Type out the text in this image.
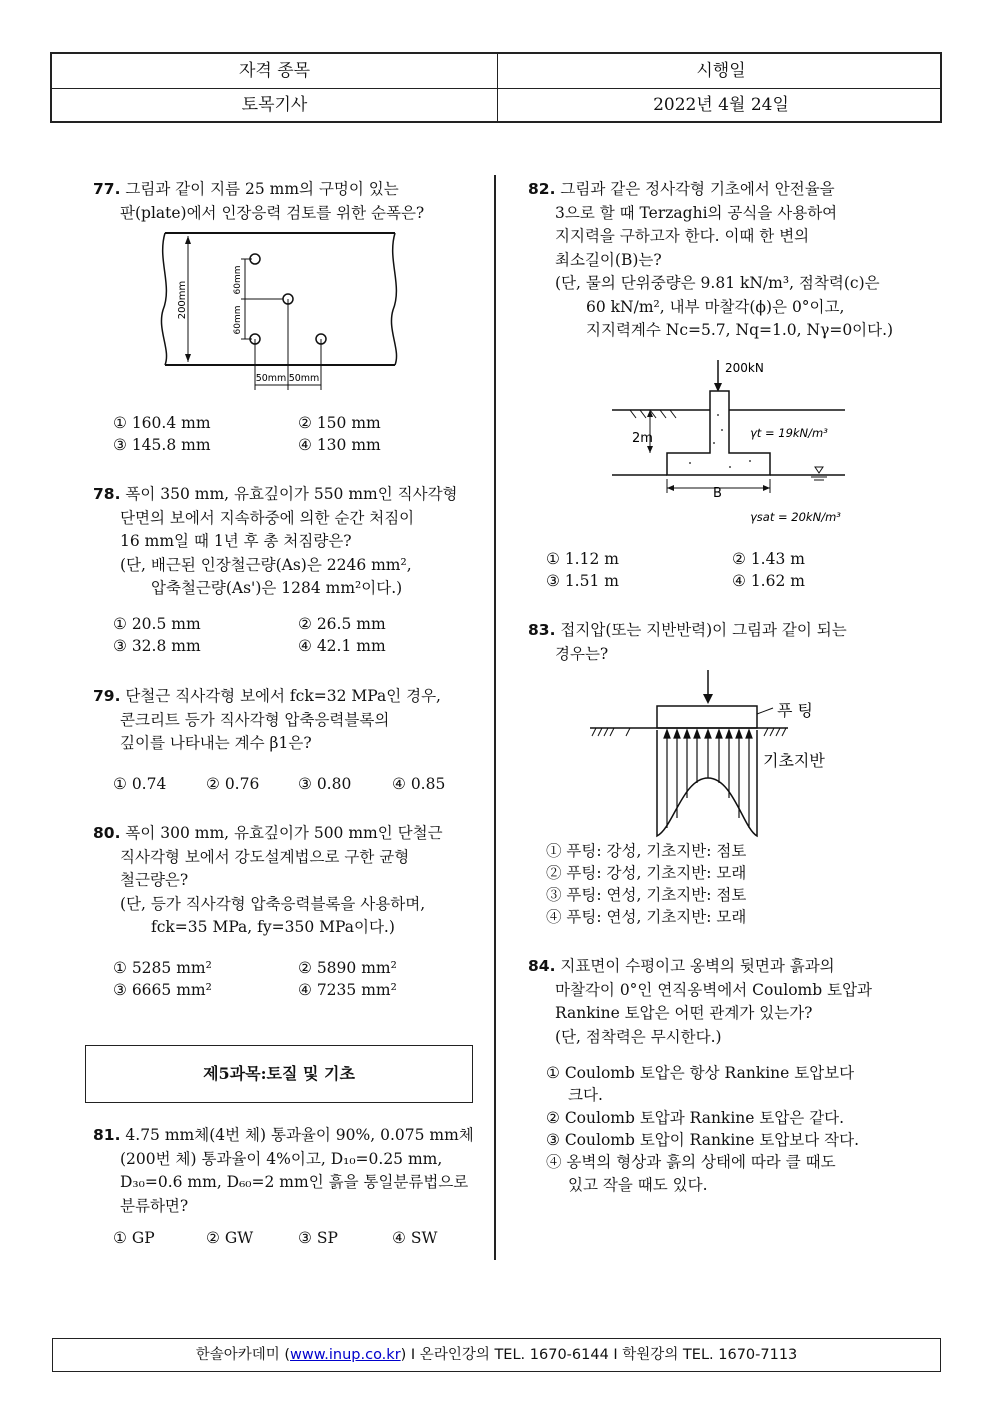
자격 종목	시행일
토목기사	2022년 4월 24일
77. 그림과 같이 지름 25 mm의 구멍이 있는
판(plate)에서 인장응력 검토를 위한 순폭은?
200mm
60mm
60mm
50mm 50mm
① 160.4 mm	② 150 mm
③ 145.8 mm	④ 130 mm
78. 폭이 350 mm, 유효깊이가 550 mm인 직사각형
단면의 보에서 지속하중에 의한 순간 처짐이
16 mm일 때 1년 후 총 처짐량은?
(단, 배근된 인장철근량(As)은 2246 mm²,
압축철근량(As')은 1284 mm²이다.)
① 20.5 mm	② 26.5 mm
③ 32.8 mm	④ 42.1 mm
79. 단철근 직사각형 보에서 fck=32 MPa인 경우,
콘크리트 등가 직사각형 압축응력블록의
깊이를 나타내는 계수 β1은?
① 0.74	② 0.76 ③ 0.80	④ 0.85
80. 폭이 300 mm, 유효깊이가 500 mm인 단철근
직사각형 보에서 강도설계법으로 구한 균형
철근량은?
(단, 등가 직사각형 압축응력블록을 사용하며,
fck=35 MPa, fy=350 MPa이다.)
① 5285 mm²	② 5890 mm²
③ 6665 mm²	④ 7235 mm²
제5과목:토질 및 기초
81. 4.75 mm체(4번 체) 통과율이 90%, 0.075 mm체
(200번 체) 통과율이 4%이고, D₁₀=0.25 mm,
D₃₀=0.6 mm, D₆₀=2 mm인 흙을 통일분류법으로
분류하면?
① GP	② GW	③ SP	④ SW
82. 그림과 같은 정사각형 기초에서 안전율을
3으로 할 때 Terzaghi의 공식을 사용하여
지지력을 구하고자 한다. 이때 한 변의
최소길이(B)는?
(단, 물의 단위중량은 9.81 kN/m³, 점착력(c)은
60 kN/m², 내부 마찰각(ϕ)은 0°이고,
지지력계수 Nc=5.7, Nq=1.0, Nγ=0이다.)
200kN
2m	γt = 19kN/m³
B
γsat = 20kN/m³
① 1.12 m	② 1.43 m
③ 1.51 m	④ 1.62 m
83. 접지압(또는 지반반력)이 그림과 같이 되는
경우는?
푸 팅
기초지반
① 푸팅: 강성, 기초지반: 점토
② 푸팅: 강성, 기초지반: 모래
③ 푸팅: 연성, 기초지반: 점토
④ 푸팅: 연성, 기초지반: 모래
84. 지표면이 수평이고 옹벽의 뒷면과 흙과의
마찰각이 0°인 연직옹벽에서 Coulomb 토압과
Rankine 토압은 어떤 관계가 있는가?
(단, 점착력은 무시한다.)
① Coulomb 토압은 항상 Rankine 토압보다
크다.
② Coulomb 토압과 Rankine 토압은 같다.
③ Coulomb 토압이 Rankine 토압보다 작다.
④ 옹벽의 형상과 흙의 상태에 따라 클 때도
있고 작을 때도 있다.
한솔아카데미 (www.inup.co.kr) I 온라인강의 TEL. 1670-6144 I 학원강의 TEL. 1670-7113
